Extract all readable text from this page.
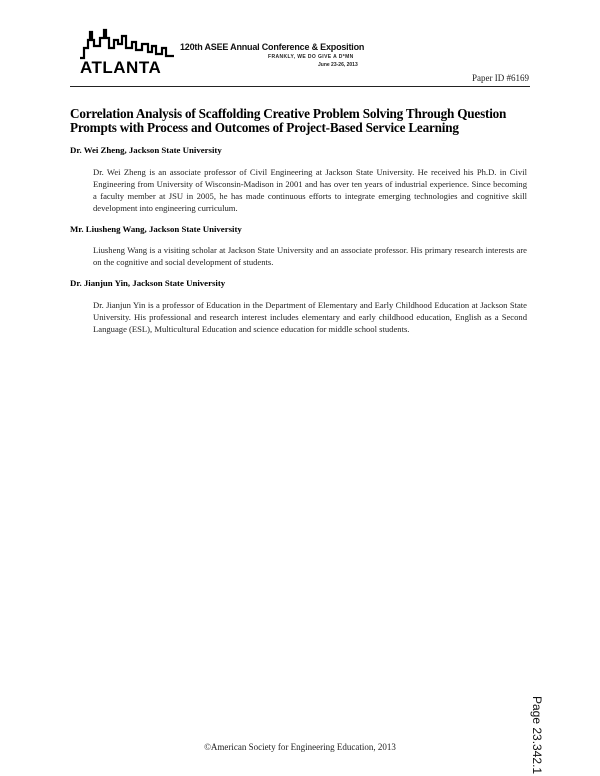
ATLANTA
120th ASEE Annual Conference & Exposition
FRANKLY, WE DO GIVE A D*MN
June 23-26, 2013
Paper ID #6169
Correlation Analysis of Scaffolding Creative Problem Solving Through Question Prompts with Process and Outcomes of Project-Based Service Learning
Dr. Wei Zheng, Jackson State University
Dr. Wei Zheng is an associate professor of Civil Engineering at Jackson State University. He received his Ph.D. in Civil Engineering from University of Wisconsin-Madison in 2001 and has over ten years of industrial experience. Since becoming a faculty member at JSU in 2005, he has made continuous efforts to integrate emerging technologies and cognitive skill development into engineering curriculum.
Mr. Liusheng Wang, Jackson State University
Liusheng Wang is a visiting scholar at Jackson State University and an associate professor. His primary research interests are on the cognitive and social development of students.
Dr. Jianjun Yin, Jackson State University
Dr. Jianjun Yin is a professor of Education in the Department of Elementary and Early Childhood Education at Jackson State University. His professional and research interest includes elementary and early childhood education, English as a Second Language (ESL), Multicultural Education and science education for middle school students.
©American Society for Engineering Education, 2013	Page 23.342.1
